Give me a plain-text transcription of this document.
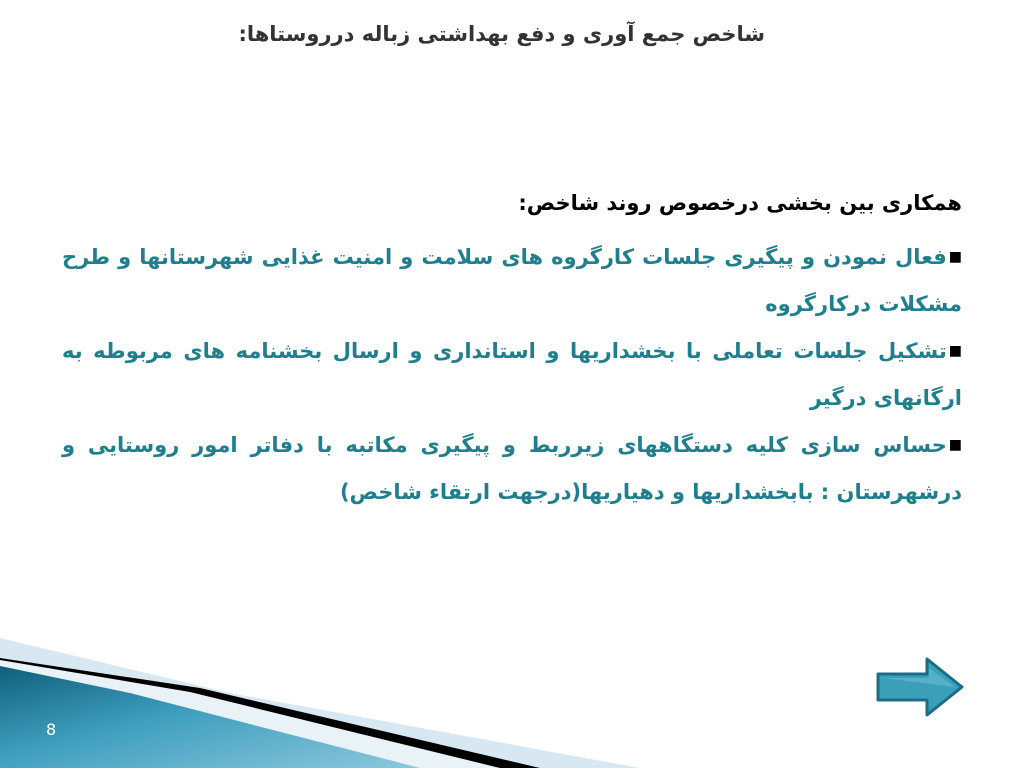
شاخص جمع آوری و دفع بهداشتی زباله درروستاها:

همکاری بین بخشی درخصوص روند شاخص:

■فعال نمودن و پیگیری جلسات کارگروه های سلامت و امنیت غذایی شهرستانها و طرح مشکلات درکارگروه

■تشکیل جلسات تعاملی با بخشداریها و استانداری و ارسال بخشنامه های مربوطه به ارگانهای درگیر

■حساس سازی کلیه دستگاههای زیرربط و پیگیری مکاتبه با دفاتر امور روستایی و درشهرستان : بابخشداریها و دهیاریها(درجهت ارتقاء شاخص)

8
